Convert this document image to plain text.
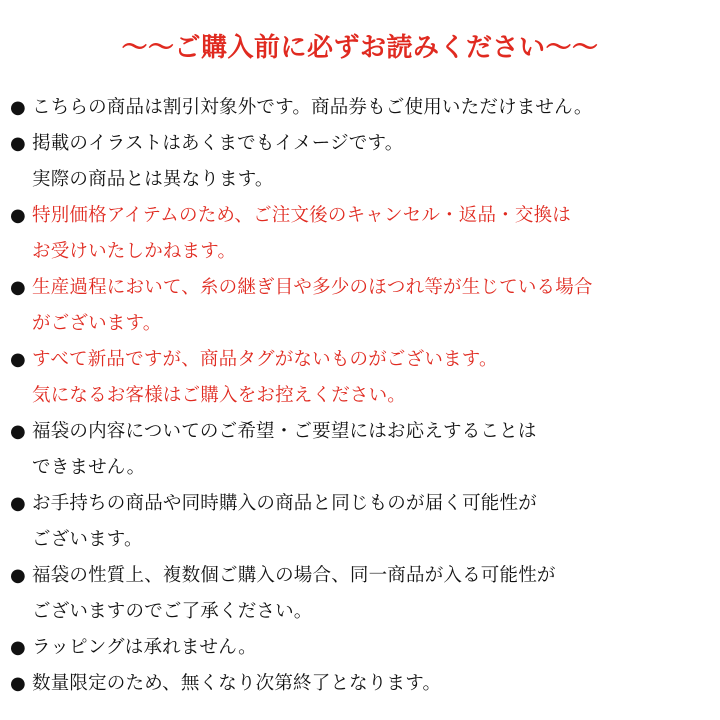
〜〜ご購入前に必ずお読みください〜〜
● こちらの商品は割引対象外です。商品券もご使用いただけません。
● 掲載のイラストはあくまでもイメージです。
実際の商品とは異なります。
● 特別価格アイテムのため、ご注文後のキャンセル・返品・交換は
お受けいたしかねます。
● 生産過程において、糸の継ぎ目や多少のほつれ等が生じている場合
がございます。
● すべて新品ですが、商品タグがないものがございます。
気になるお客様はご購入をお控えください。
● 福袋の内容についてのご希望・ご要望にはお応えすることは
できません。
● お手持ちの商品や同時購入の商品と同じものが届く可能性が
ございます。
● 福袋の性質上、複数個ご購入の場合、同一商品が入る可能性が
ございますのでご了承ください。
● ラッピングは承れません。
● 数量限定のため、無くなり次第終了となります。
